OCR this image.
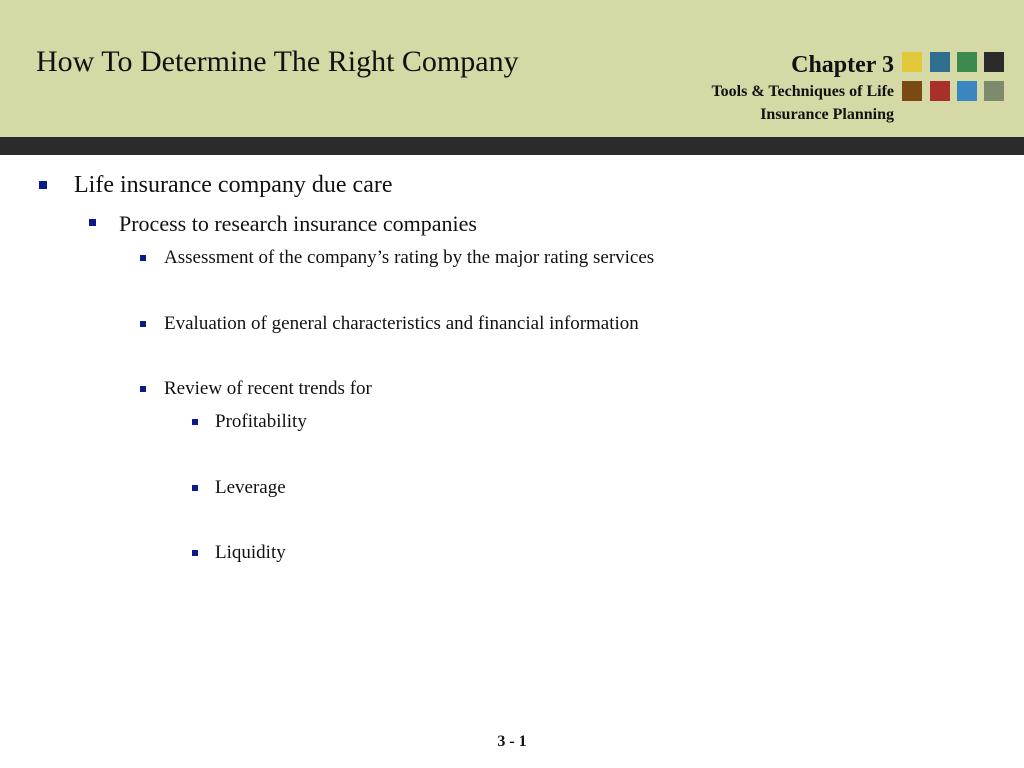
How To Determine The Right Company	Chapter 3
Tools & Techniques of Life
Insurance Planning
Life insurance company due care
Process to research insurance companies
Assessment of the company’s rating by the major rating services
Evaluation of general characteristics and financial information
Review of recent trends for
Profitability
Leverage
Liquidity
3 - 1
